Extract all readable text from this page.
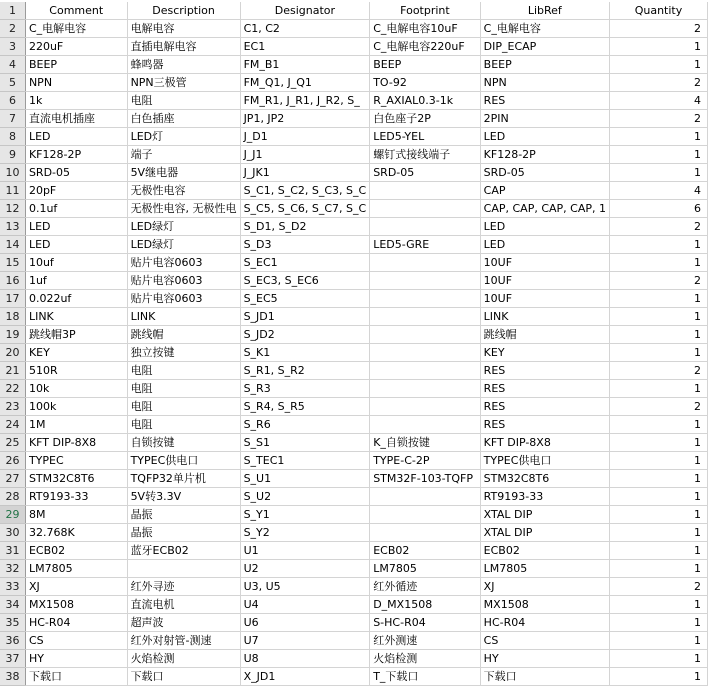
1	Comment	Description	Designator	Footprint	LibRef	Quantity
2	C_电解电容	电解电容	C1, C2	C_电解电容10uF	C_电解电容	2
3	220uF	直插电解电容	EC1	C_电解电容220uF	DIP_ECAP	1
4	BEEP	蜂鸣器	FM_B1	BEEP	BEEP	1
5	NPN	NPN三极管	FM_Q1, J_Q1	TO-92	NPN	2
6	1k	电阻	FM_R1, J_R1, J_R2, S_	R_AXIAL0.3-1k	RES	4
7	直流电机插座	白色插座	JP1, JP2	白色座子2P	2PIN	2
8	LED	LED灯	J_D1	LED5-YEL	LED	1
9	KF128-2P	端子	J_J1	螺钉式接线端子	KF128-2P	1
10	SRD-05	5V继电器	J_JK1	SRD-05	SRD-05	1
11	20pF	无极性电容	S_C1, S_C2, S_C3, S_C		CAP	4
12	0.1uf	无极性电容, 无极性电	S_C5, S_C6, S_C7, S_C		CAP, CAP, CAP, CAP, 1	6
13	LED	LED绿灯	S_D1, S_D2		LED	2
14	LED	LED绿灯	S_D3	LED5-GRE	LED	1
15	10uf	贴片电容0603	S_EC1		10UF	1
16	1uf	贴片电容0603	S_EC3, S_EC6		10UF	2
17	0.022uf	贴片电容0603	S_EC5		10UF	1
18	LINK	LINK	S_JD1		LINK	1
19	跳线帽3P	跳线帽	S_JD2		跳线帽	1
20	KEY	独立按键	S_K1		KEY	1
21	510R	电阻	S_R1, S_R2		RES	2
22	10k	电阻	S_R3		RES	1
23	100k	电阻	S_R4, S_R5		RES	2
24	1M	电阻	S_R6		RES	1
25	KFT DIP-8X8	自锁按键	S_S1	K_自锁按键	KFT DIP-8X8	1
26	TYPEC	TYPEC供电口	S_TEC1	TYPE-C-2P	TYPEC供电口	1
27	STM32C8T6	TQFP32单片机	S_U1	STM32F-103-TQFP	STM32C8T6	1
28	RT9193-33	5V转3.3V	S_U2		RT9193-33	1
29	8M	晶振	S_Y1		XTAL DIP	1
30	32.768K	晶振	S_Y2		XTAL DIP	1
31	ECB02	蓝牙ECB02	U1	ECB02	ECB02	1
32	LM7805		U2	LM7805	LM7805	1
33	XJ	红外寻迹	U3, U5	红外循迹	XJ	2
34	MX1508	直流电机	U4	D_MX1508	MX1508	1
35	HC-R04	超声波	U6	S-HC-R04	HC-R04	1
36	CS	红外对射管-测速	U7	红外测速	CS	1
37	HY	火焰检测	U8	火焰检测	HY	1
38	下载口	下载口	X_JD1	T_下载口	下载口	1
